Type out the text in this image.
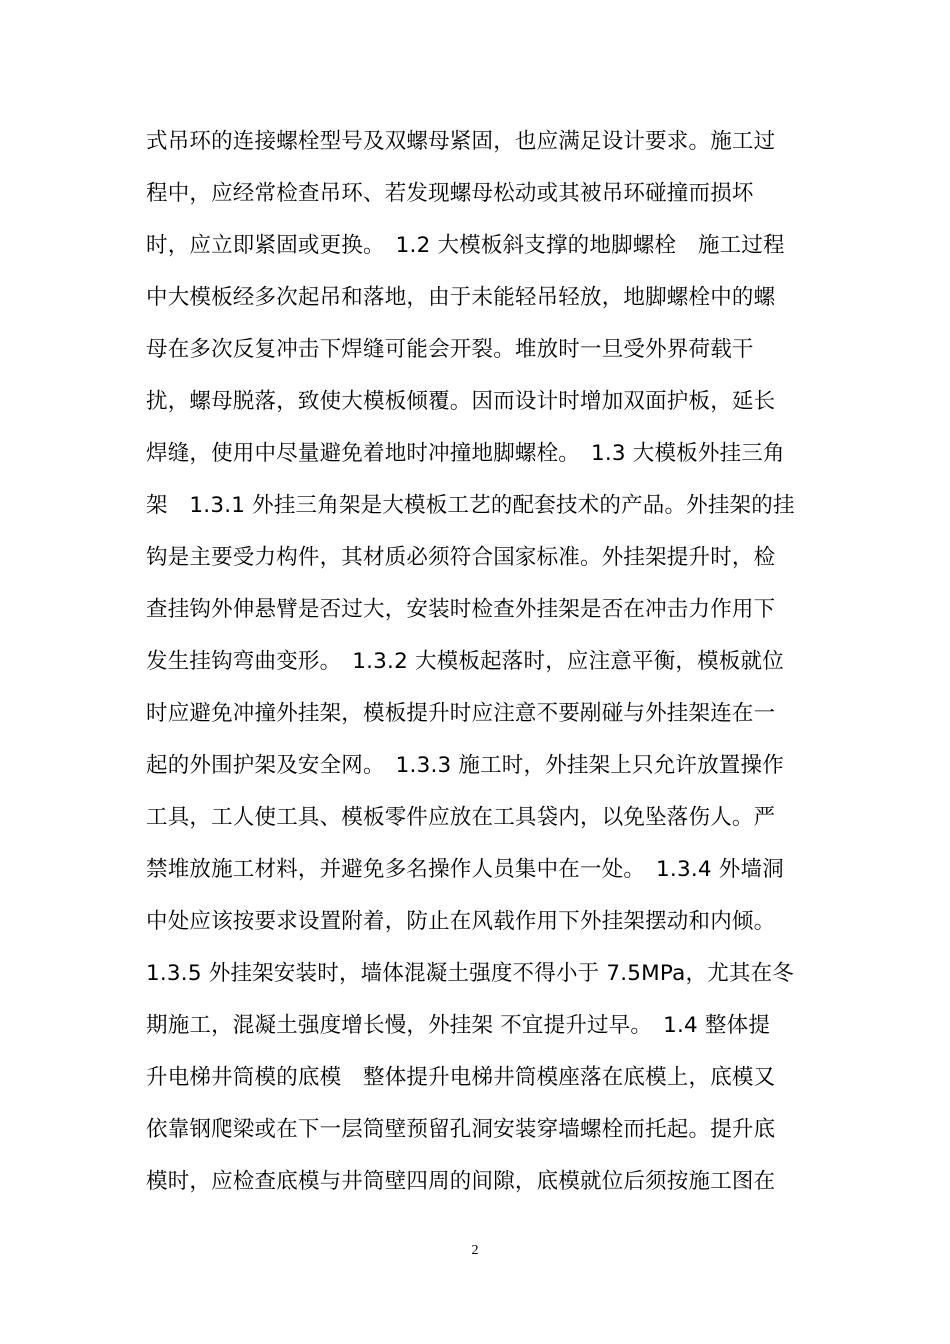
式吊环的连接螺栓型号及双螺母紧固，也应满足设计要求。施工过
程中，应经常检查吊环、若发现螺母松动或其被吊环碰撞而损坏
时，应立即紧固或更换。　1.2 大模板斜支撑的地脚螺栓　施工过程
中大模板经多次起吊和落地，由于未能轻吊轻放，地脚螺栓中的螺
母在多次反复冲击下焊缝可能会开裂。堆放时一旦受外界荷载干
扰，螺母脱落，致使大模板倾覆。因而设计时增加双面护板，延长
焊缝，使用中尽量避免着地时冲撞地脚螺栓。　1.3 大模板外挂三角
架　1.3.1 外挂三角架是大模板工艺的配套技术的产品。外挂架的挂
钩是主要受力构件，其材质必须符合国家标准。外挂架提升时，检
查挂钩外伸悬臂是否过大，安装时检查外挂架是否在冲击力作用下
发生挂钩弯曲变形。　1.3.2 大模板起落时，应注意平衡，模板就位
时应避免冲撞外挂架，模板提升时应注意不要剐碰与外挂架连在一
起的外围护架及安全网。　1.3.3 施工时，外挂架上只允许放置操作
工具，工人使工具、模板零件应放在工具袋内，以免坠落伤人。严
禁堆放施工材料，并避免多名操作人员集中在一处。　1.3.4 外墙洞
中处应该按要求设置附着，防止在风载作用下外挂架摆动和内倾。
1.3.5 外挂架安装时，墙体混凝土强度不得小于 7.5MPa，尤其在冬
期施工，混凝土强度增长慢，外挂架 不宜提升过早。　1.4 整体提
升电梯井筒模的底模　整体提升电梯井筒模座落在底模上，底模又
依靠钢爬梁或在下一层筒壁预留孔洞安装穿墙螺栓而托起。提升底
模时，应检查底模与井筒壁四周的间隙，底模就位后须按施工图在
2
